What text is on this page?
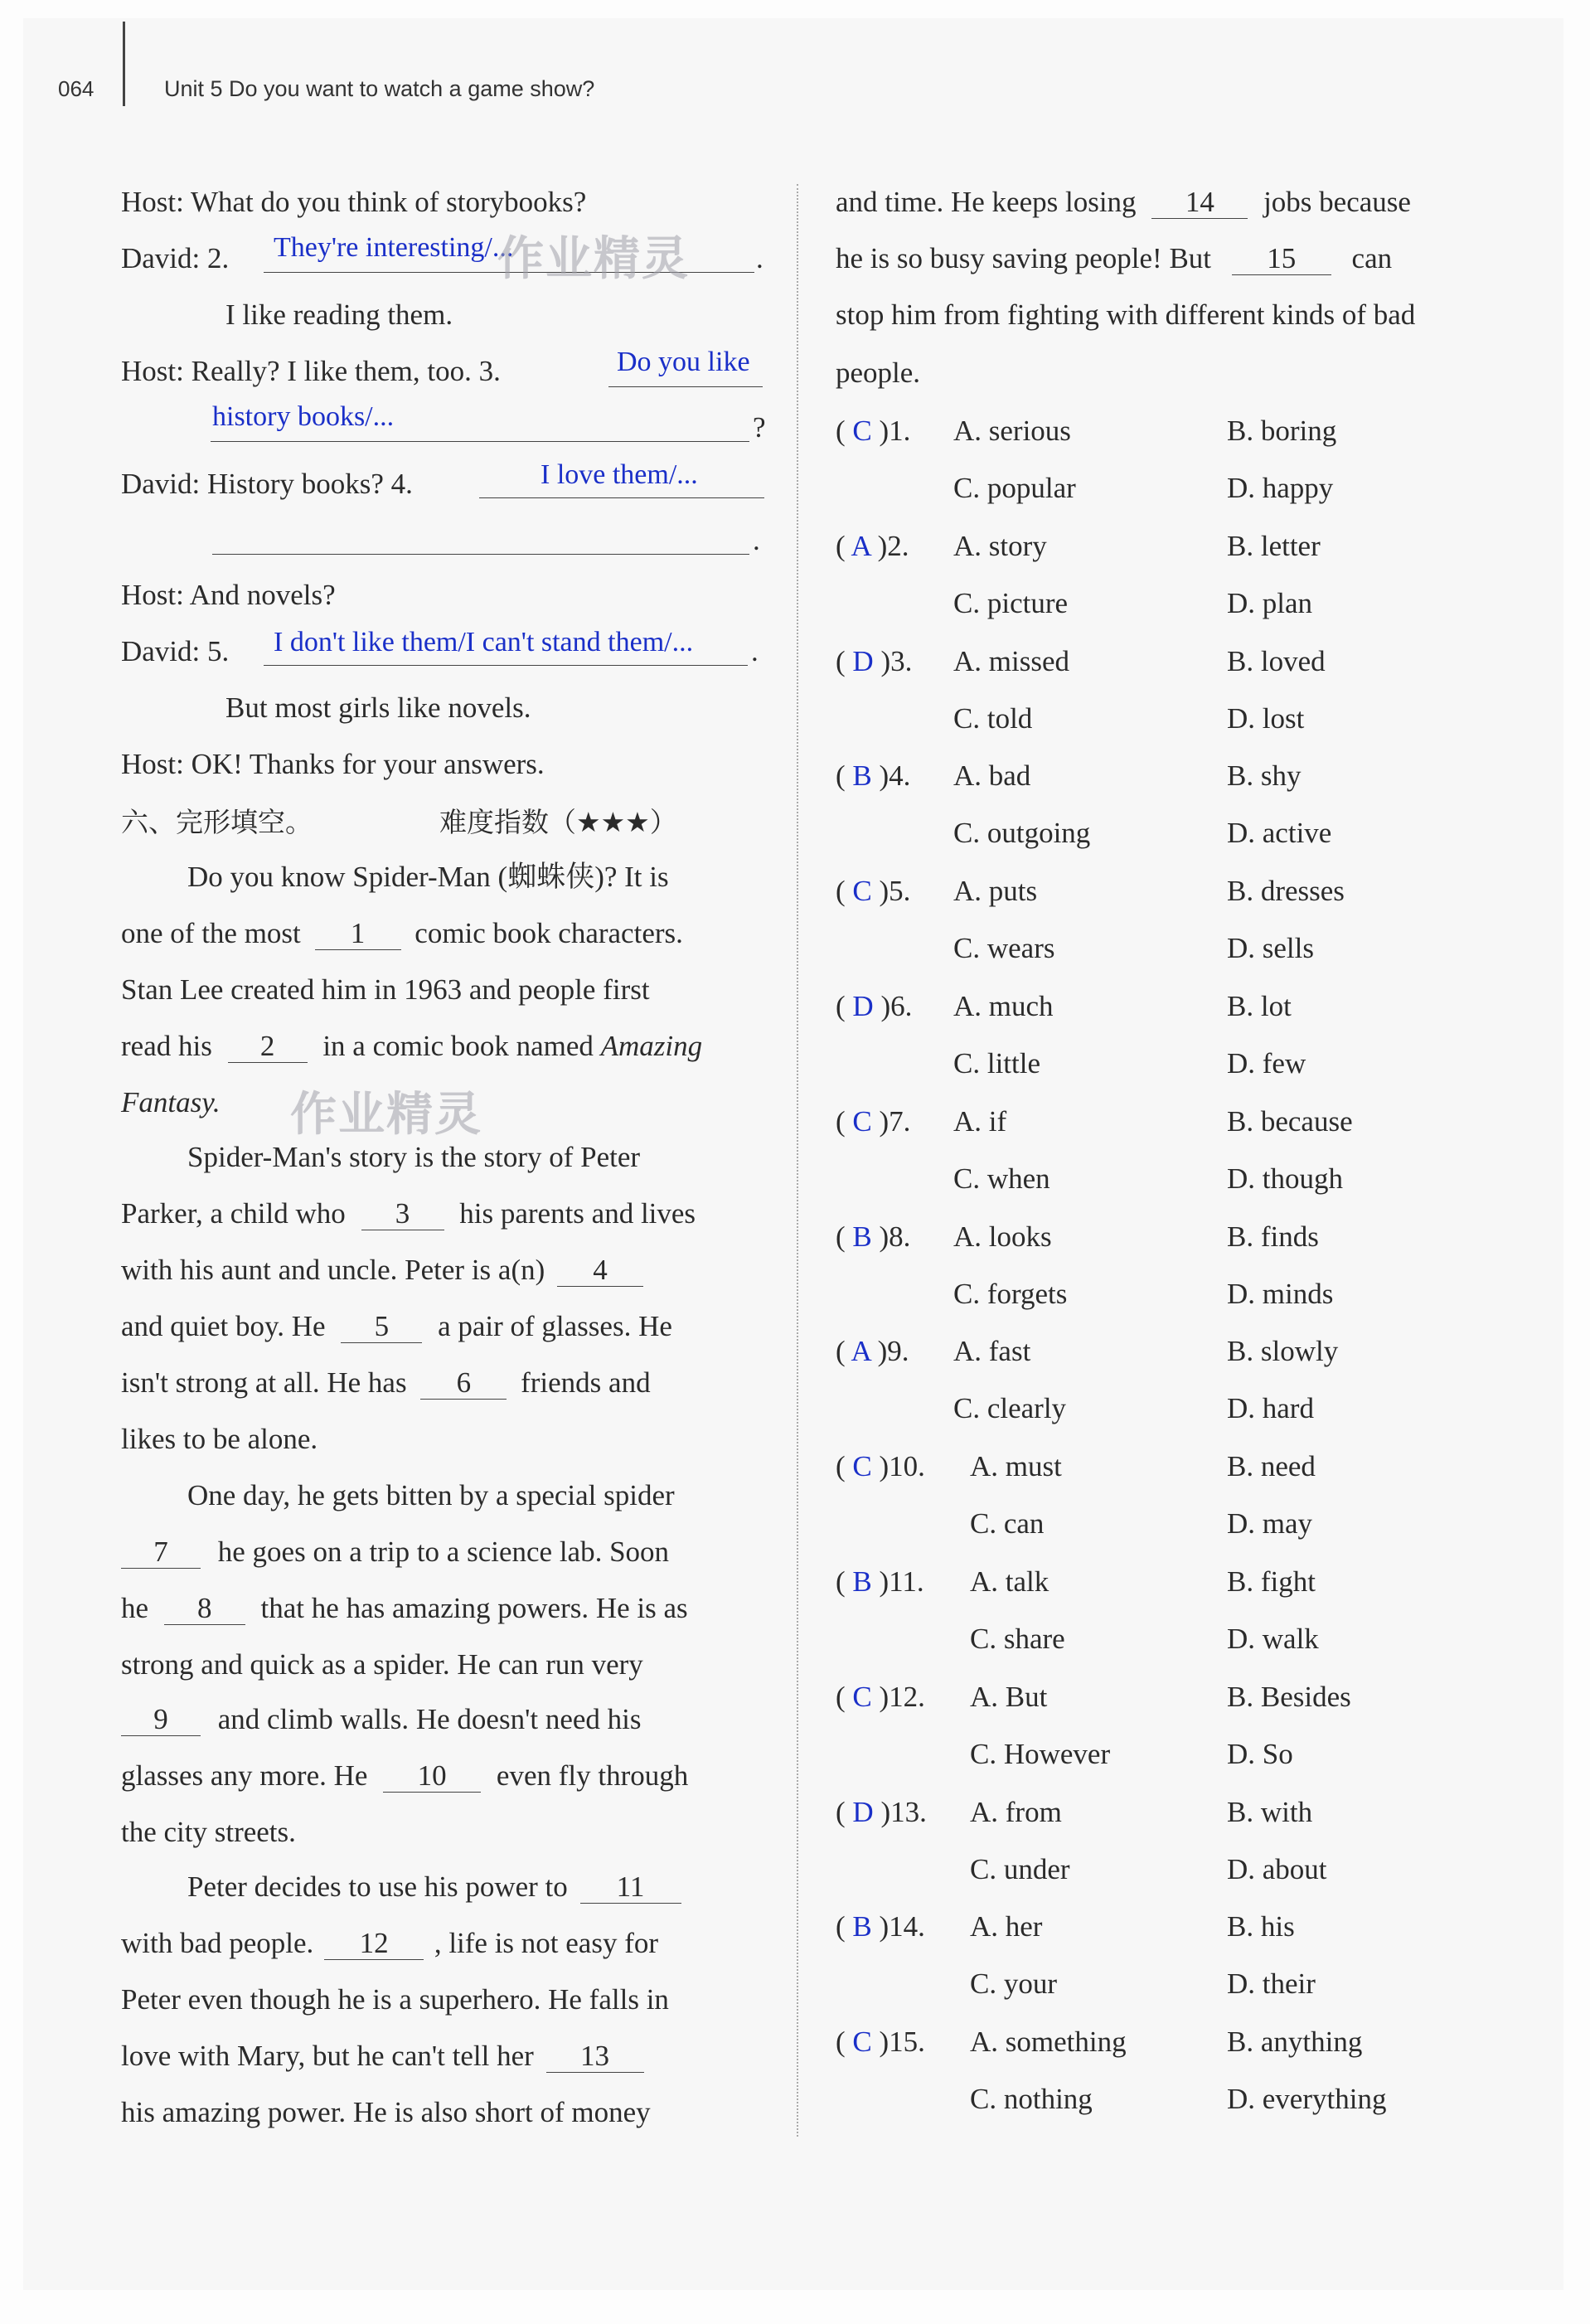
064	Unit 5 Do you want to watch a game show?
Host: What do you think of storybooks?
David: 2. They're interesting/...	.
I like reading them.
Host: Really? I like them, too. 3.	Do you like
history books/...	?
David: History books? 4.	I love them/...
.
Host: And novels?
David: 5. I don't like them/I can't stand them/... .
But most girls like novels.
Host: OK! Thanks for your answers.
作业精灵
作业精灵
六、完形填空。	难度指数（★★★）
Do you know Spider-Man (蜘蛛侠)? It is
one of the most 1 comic book characters.
Stan Lee created him in 1963 and people first
read his 2 in a comic book named Amazing
Fantasy.
Spider-Man's story is the story of Peter
Parker, a child who 3 his parents and lives
with his aunt and uncle. Peter is a(n) 4
and quiet boy. He 5 a pair of glasses. He
isn't strong at all. He has 6 friends and
likes to be alone.
One day, he gets bitten by a special spider
7 he goes on a trip to a science lab. Soon
he 8 that he has amazing powers. He is as
strong and quick as a spider. He can run very
9 and climb walls. He doesn't need his
glasses any more. He 10 even fly through
the city streets.
Peter decides to use his power to 11
with bad people. 12 , life is not easy for
Peter even though he is a superhero. He falls in
love with Mary, but he can't tell her 13
his amazing power. He is also short of money
and time. He keeps losing 14 jobs because
he is so busy saving people! But 15 can
stop him from fighting with different kinds of bad
people.
( C )1. A. serious	B. boring
C. popular	D. happy
( A )2. A. story	B. letter
C. picture	D. plan
( D )3. A. missed	B. loved
C. told	D. lost
( B )4. A. bad	B. shy
C. outgoing	D. active
( C )5. A. puts	B. dresses
C. wears	D. sells
( D )6. A. much	B. lot
C. little	D. few
( C )7. A. if	B. because
C. when	D. though
( B )8. A. looks	B. finds
C. forgets	D. minds
( A )9. A. fast	B. slowly
C. clearly	D. hard
( C )10. A. must	B. need
C. can	D. may
( B )11. A. talk	B. fight
C. share	D. walk
( C )12. A. But	B. Besides
C. However	D. So
( D )13. A. from	B. with
C. under	D. about
( B )14. A. her	B. his
C. your	D. their
( C )15. A. something	B. anything
C. nothing	D. everything
